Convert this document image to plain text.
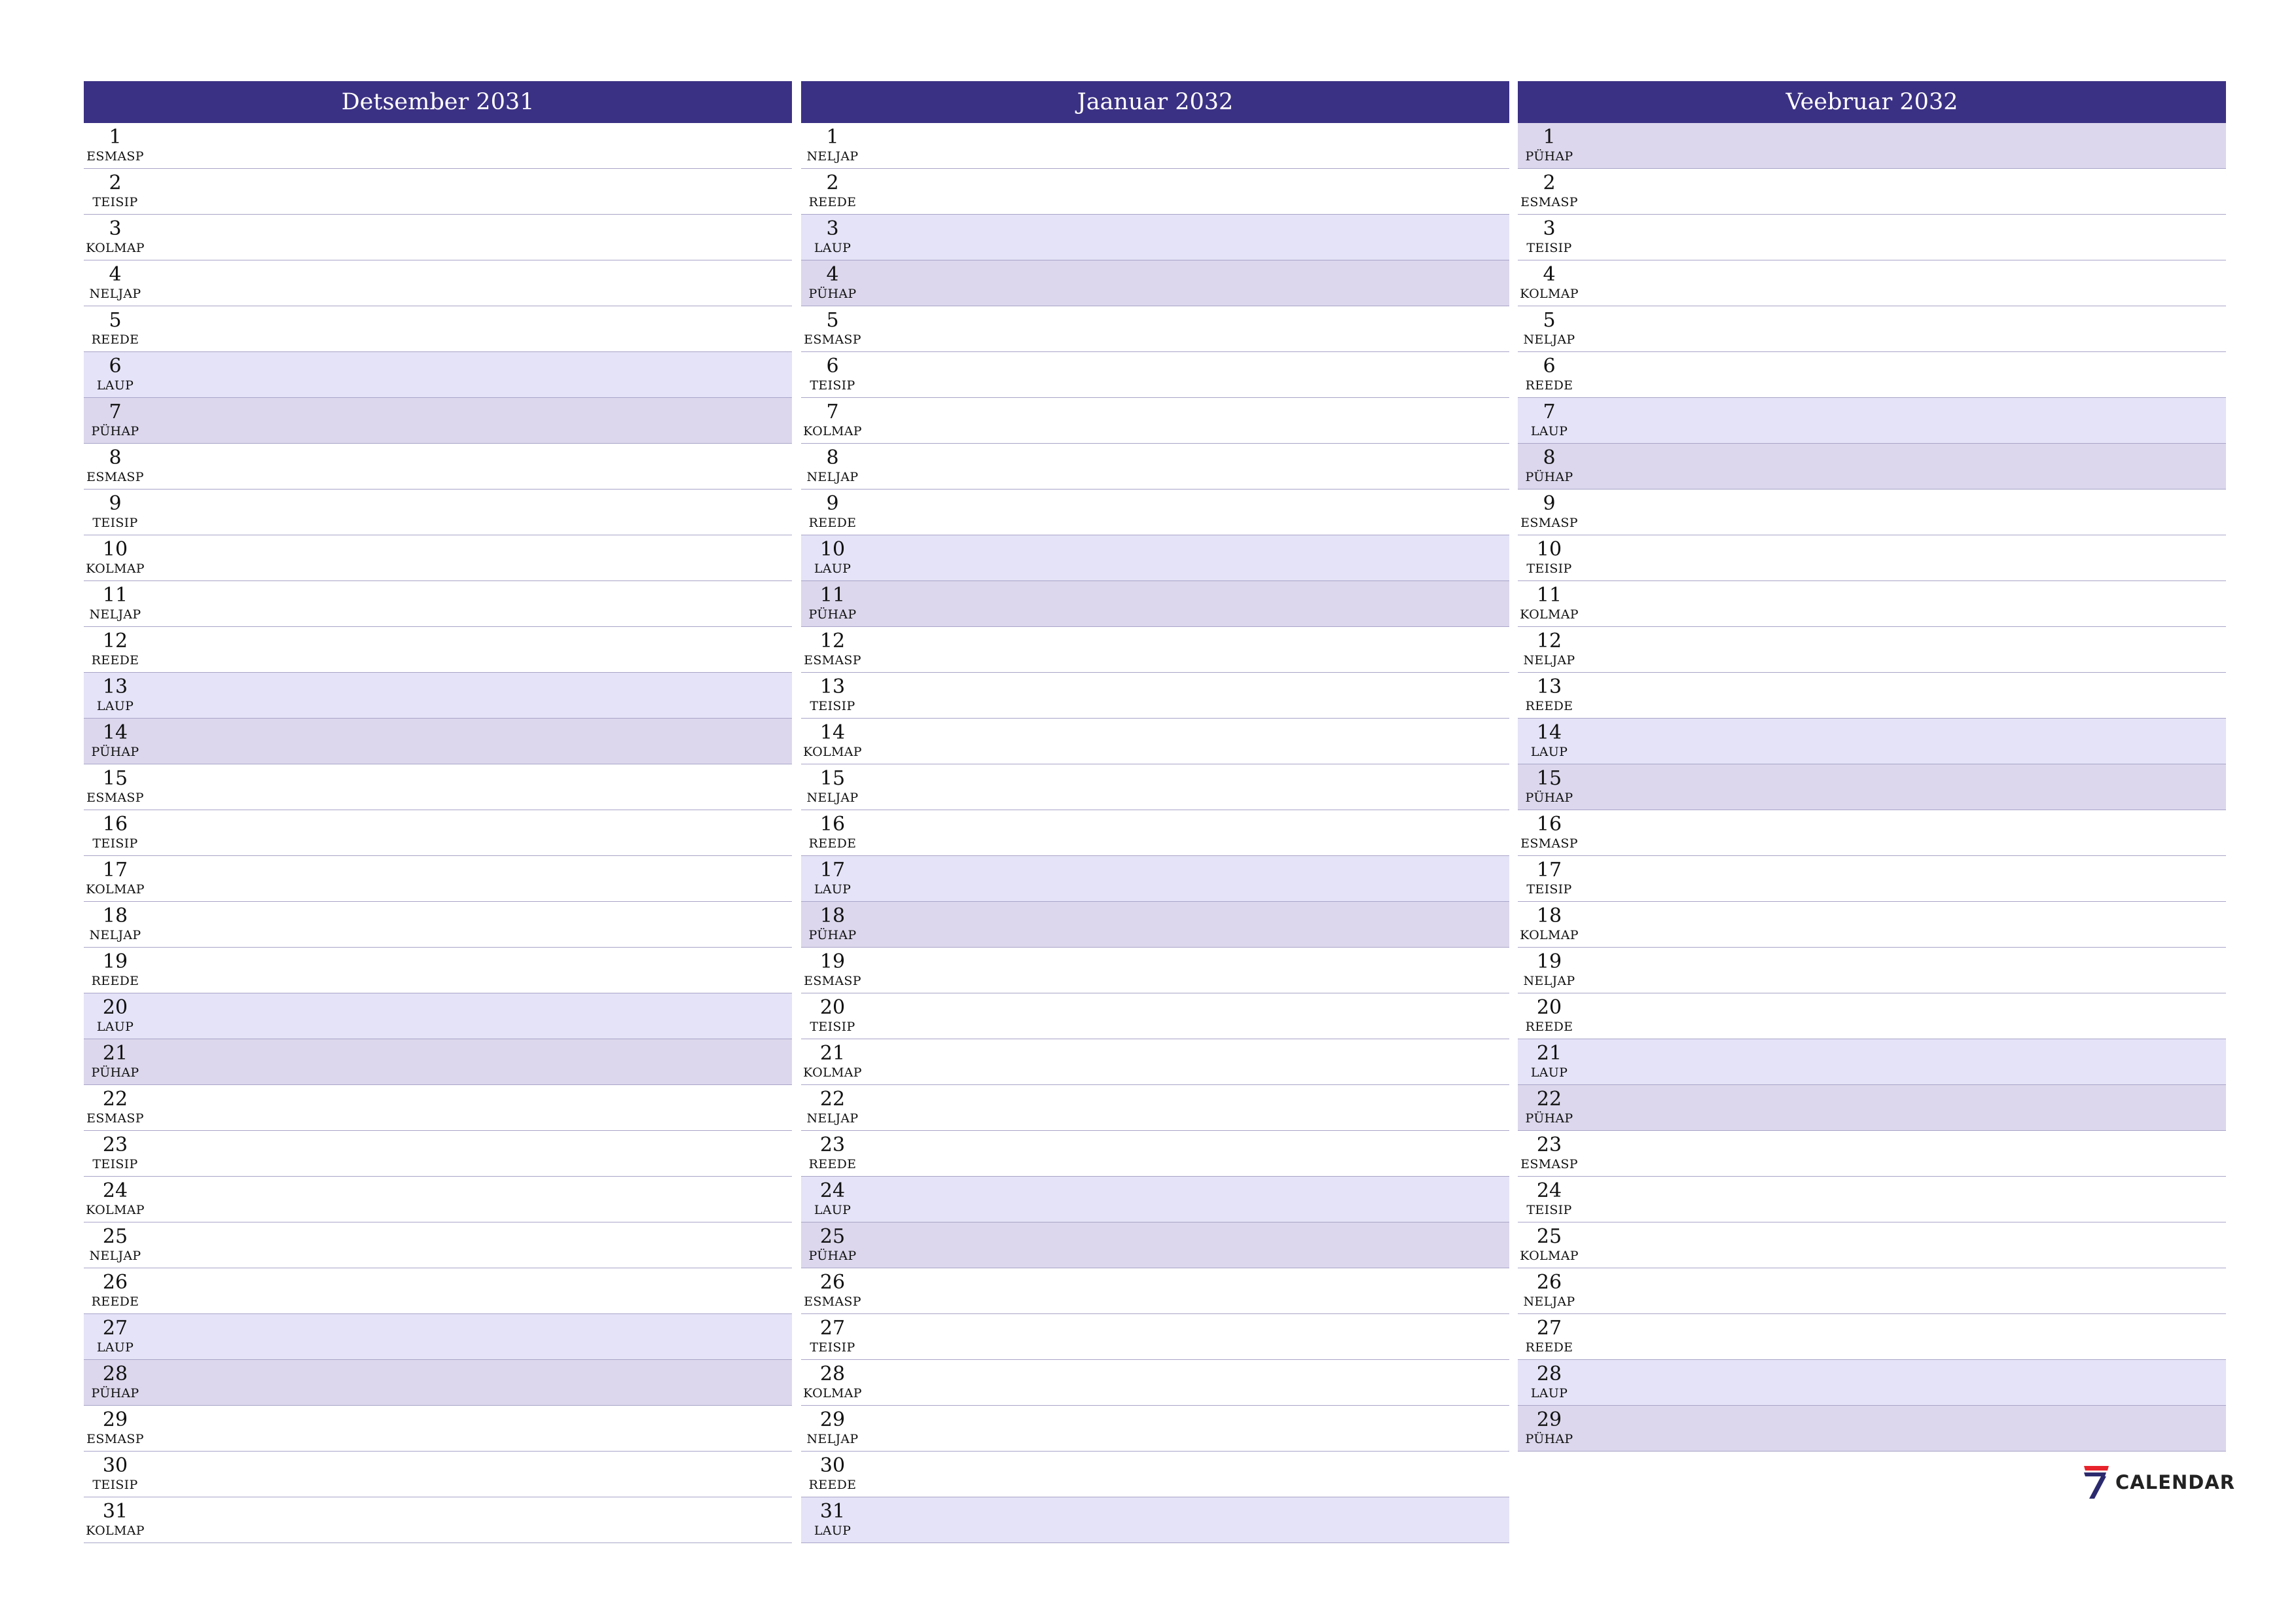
Detsember 2031
1
ESMASP
2
TEISIP
3
KOLMAP
4
NELJAP
5
REEDE
6
LAUP
7
PÜHAP
8
ESMASP
9
TEISIP
10
KOLMAP
11
NELJAP
12
REEDE
13
LAUP
14
PÜHAP
15
ESMASP
16
TEISIP
17
KOLMAP
18
NELJAP
19
REEDE
20
LAUP
21
PÜHAP
22
ESMASP
23
TEISIP
24
KOLMAP
25
NELJAP
26
REEDE
27
LAUP
28
PÜHAP
29
ESMASP
30
TEISIP
31
KOLMAP
Jaanuar 2032
1
NELJAP
2
REEDE
3
LAUP
4
PÜHAP
5
ESMASP
6
TEISIP
7
KOLMAP
8
NELJAP
9
REEDE
10
LAUP
11
PÜHAP
12
ESMASP
13
TEISIP
14
KOLMAP
15
NELJAP
16
REEDE
17
LAUP
18
PÜHAP
19
ESMASP
20
TEISIP
21
KOLMAP
22
NELJAP
23
REEDE
24
LAUP
25
PÜHAP
26
ESMASP
27
TEISIP
28
KOLMAP
29
NELJAP
30
REEDE
31
LAUP
Veebruar 2032
1
PÜHAP
2
ESMASP
3
TEISIP
4
KOLMAP
5
NELJAP
6
REEDE
7
LAUP
8
PÜHAP
9
ESMASP
10
TEISIP
11
KOLMAP
12
NELJAP
13
REEDE
14
LAUP
15
PÜHAP
16
ESMASP
17
TEISIP
18
KOLMAP
19
NELJAP
20
REEDE
21
LAUP
22
PÜHAP
23
ESMASP
24
TEISIP
25
KOLMAP
26
NELJAP
27
REEDE
28
LAUP
29
PÜHAP
CALENDAR
